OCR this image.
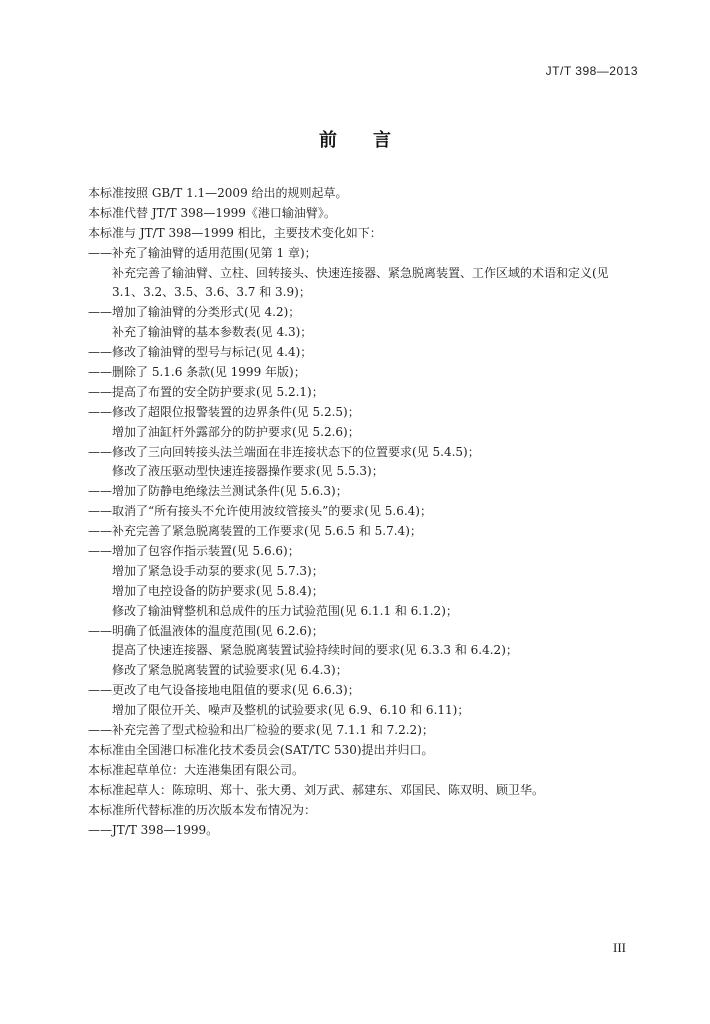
JT/T 398—2013
前言
本标准按照 GB/T 1.1—2009 给出的规则起草。
本标准代替 JT/T 398—1999《港口输油臂》。
本标准与 JT/T 398—1999 相比，主要技术变化如下：
——补充了输油臂的适用范围(见第 1 章)；
补充完善了输油臂、立柱、回转接头、快速连接器、紧急脱离装置、工作区域的术语和定义(见
3.1、3.2、3.5、3.6、3.7 和 3.9)；
——增加了输油臂的分类形式(见 4.2)；
补充了输油臂的基本参数表(见 4.3)；
——修改了输油臂的型号与标记(见 4.4)；
——删除了 5.1.6 条款(见 1999 年版)；
——提高了布置的安全防护要求(见 5.2.1)；
——修改了超限位报警装置的边界条件(见 5.2.5)；
增加了油缸杆外露部分的防护要求(见 5.2.6)；
——修改了三向回转接头法兰端面在非连接状态下的位置要求(见 5.4.5)；
修改了液压驱动型快速连接器操作要求(见 5.5.3)；
——增加了防静电绝缘法兰测试条件(见 5.6.3)；
——取消了“所有接头不允许使用波纹管接头”的要求(见 5.6.4)；
——补充完善了紧急脱离装置的工作要求(见 5.6.5 和 5.7.4)；
——增加了包容作指示装置(见 5.6.6)；
增加了紧急设手动泵的要求(见 5.7.3)；
增加了电控设备的防护要求(见 5.8.4)；
修改了输油臂整机和总成件的压力试验范围(见 6.1.1 和 6.1.2)；
——明确了低温液体的温度范围(见 6.2.6)；
提高了快速连接器、紧急脱离装置试验持续时间的要求(见 6.3.3 和 6.4.2)；
修改了紧急脱离装置的试验要求(见 6.4.3)；
——更改了电气设备接地电阻值的要求(见 6.6.3)；
增加了限位开关、噪声及整机的试验要求(见 6.9、6.10 和 6.11)；
——补充完善了型式检验和出厂检验的要求(见 7.1.1 和 7.2.2)；
本标准由全国港口标准化技术委员会(SAT/TC 530)提出并归口。
本标准起草单位：大连港集团有限公司。
本标准起草人：陈琼明、郑十、张大勇、刘万武、郝建东、邓国民、陈双明、顾卫华。
本标准所代替标准的历次版本发布情况为：
——JT/T 398—1999。
III
